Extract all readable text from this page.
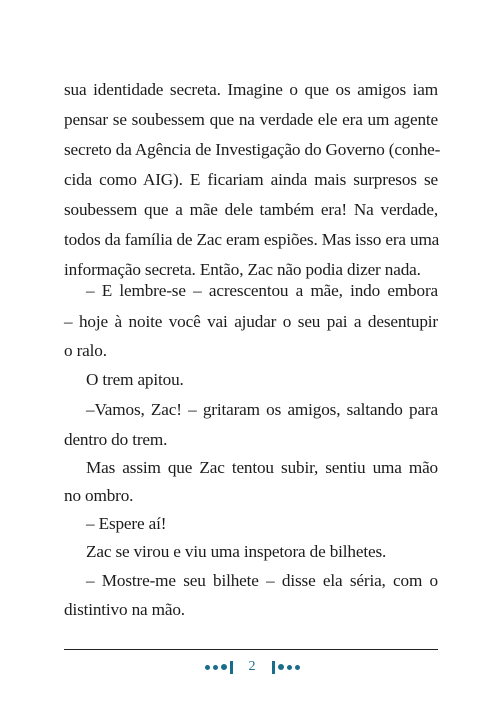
sua identidade secreta. Imagine o que os amigos iam
pensar se soubessem que na verdade ele era um agente
secreto da Agência de Investigação do Governo (conhe-
cida como AIG). E ficariam ainda mais surpresos se
soubessem que a mãe dele também era! Na verdade,
todos da família de Zac eram espiões. Mas isso era uma
informação secreta. Então, Zac não podia dizer nada.
– E lembre-se – acrescentou a mãe, indo embora
– hoje à noite você vai ajudar o seu pai a desentupir
o ralo.
O trem apitou.
–Vamos, Zac! – gritaram os amigos, saltando para
dentro do trem.
Mas assim que Zac tentou subir, sentiu uma mão
no ombro.
– Espere aí!
Zac se virou e viu uma inspetora de bilhetes.
– Mostre-me seu bilhete – disse ela séria, com o
distintivo na mão.
2
